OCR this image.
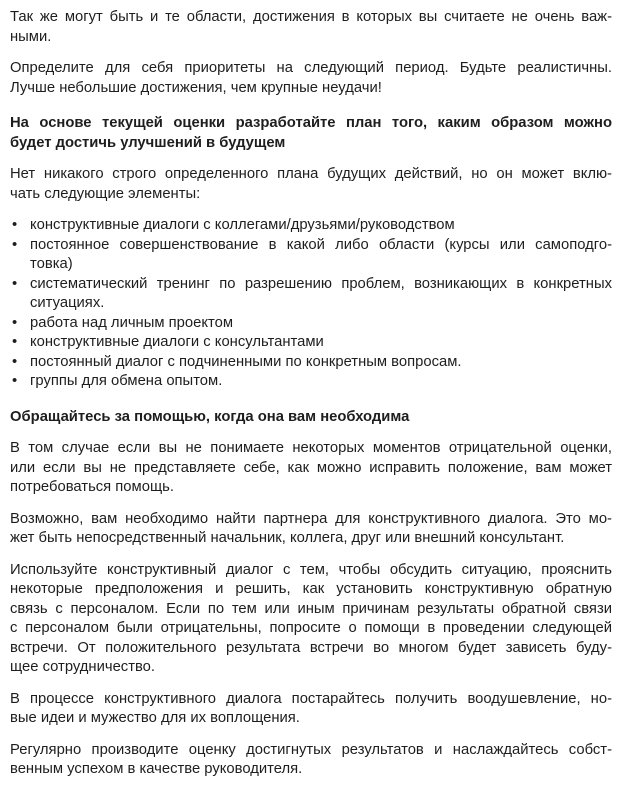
Так же могут быть и те области, достижения в которых вы считаете не очень важ-
ными.
Определите для себя приоритеты на следующий период. Будьте реалистичны.
Лучше небольшие достижения, чем крупные неудачи!
На основе текущей оценки разработайте план того, каким образом можно
будет достичь улучшений в будущем
Нет никакого строго определенного плана будущих действий, но он может вклю-
чать следующие элементы:
• конструктивные диалоги с коллегами/друзьями/руководством
• постоянное совершенствование в какой либо области (курсы или самоподго-
товка)
• систематический тренинг по разрешению проблем, возникающих в конкретных
ситуациях.
• работа над личным проектом
• конструктивные диалоги с консультантами
• постоянный диалог с подчиненными по конкретным вопросам.
• группы для обмена опытом.
Обращайтесь за помощью, когда она вам необходима
В том случае если вы не понимаете некоторых моментов отрицательной оценки,
или если вы не представляете себе, как можно исправить положение, вам может
потребоваться помощь.
Возможно, вам необходимо найти партнера для конструктивного диалога. Это мо-
жет быть непосредственный начальник, коллега, друг или внешний консультант.
Используйте конструктивный диалог с тем, чтобы обсудить ситуацию, прояснить
некоторые предположения и решить, как установить конструктивную обратную
связь с персоналом. Если по тем или иным причинам результаты обратной связи
с персоналом были отрицательны, попросите о помощи в проведении следующей
встречи. От положительного результата встречи во многом будет зависеть буду-
щее сотрудничество.
В процессе конструктивного диалога постарайтесь получить воодушевление, но-
вые идеи и мужество для их воплощения.
Регулярно производите оценку достигнутых результатов и наслаждайтесь собст-
венным успехом в качестве руководителя.
